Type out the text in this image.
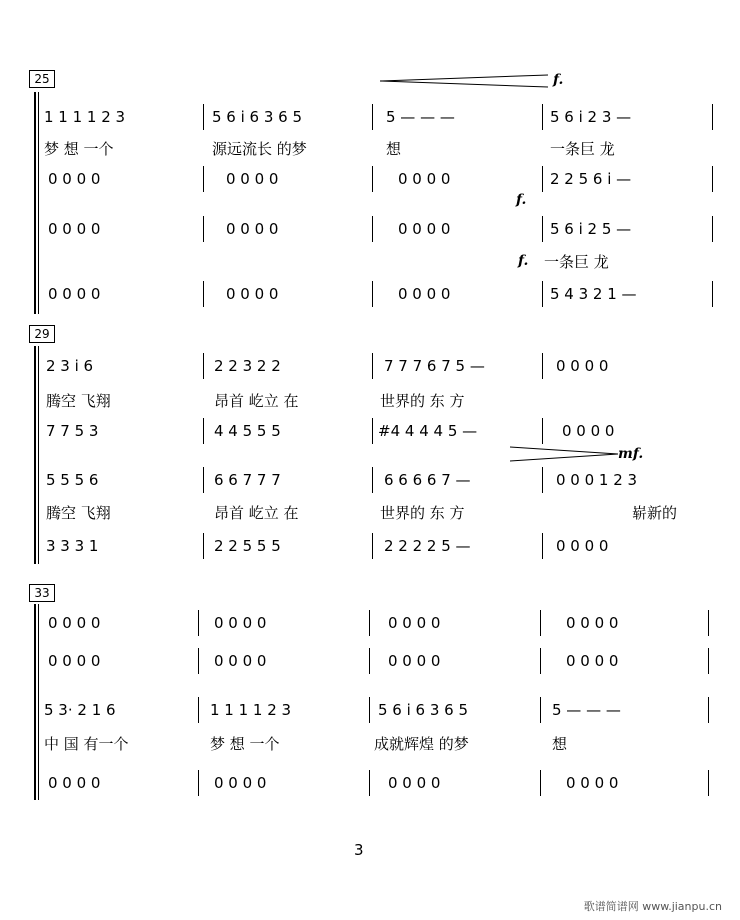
25	f.
1 1 1 1 2 3	5 6 i 6 3 6 5	5 — — —	5 6 i 2 3 —
梦 想 一个	源远流长 的梦	想	一条巨 龙
0 0 0 0	0 0 0 0	0 0 0 0	2 2 5 6 i —
f.
0 0 0 0	0 0 0 0	0 0 0 0	5 6 i 2 5 —
f. 一条巨 龙
0 0 0 0	0 0 0 0	0 0 0 0	5 4 3 2 1 —
29
2 3 i 6	2 2 3 2 2	7 7 7 6 7 5 —	0 0 0 0
腾空 飞翔	昂首 屹立 在	世界的 东 方
7 7 5 3	4 4 5 5 5	#4 4 4 4 5 —	0 0 0 0
mf.
5 5 5 6	6 6 7 7 7	6 6 6 6 7 —	0 0 0 1 2 3
腾空 飞翔	昂首 屹立 在	世界的 东 方	崭新的
3 3 3 1	2 2 5 5 5	2 2 2 2 5 —	0 0 0 0
33
0 0 0 0	0 0 0 0	0 0 0 0	0 0 0 0
0 0 0 0	0 0 0 0	0 0 0 0	0 0 0 0
5 3· 2 1 6	1 1 1 1 2 3	5 6 i 6 3 6 5	5 — — —
中 国 有一个	梦 想 一个	成就辉煌 的梦	想
0 0 0 0	0 0 0 0	0 0 0 0	0 0 0 0
3
歌谱简谱网 www.jianpu.cn
